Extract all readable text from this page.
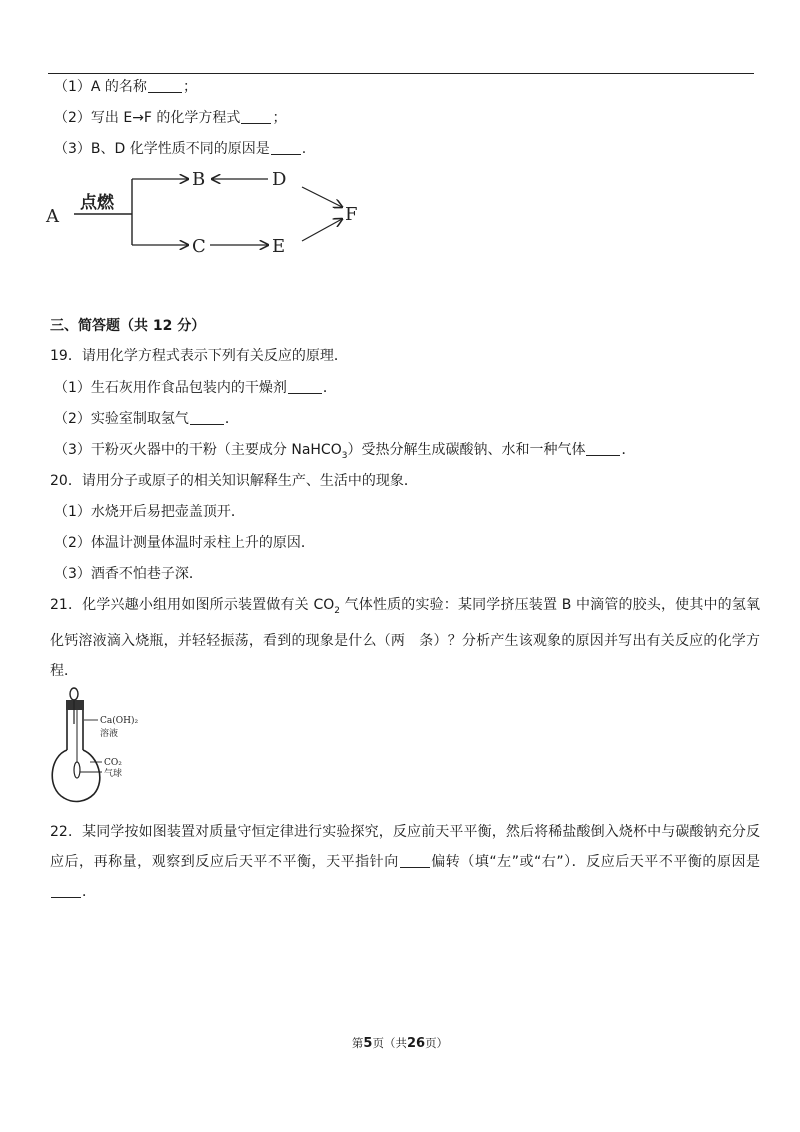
（1）A 的名称	；
（2）写出 E→F 的化学方程式 ；
（3）B、D 化学性质不同的原因是 .
A
点燃
B
C
D
E
F
三、简答题（共 12 分）
19．请用化学方程式表示下列有关反应的原理．
（1）生石灰用作食品包装内的干燥剂	．
（2）实验室制取氢气	．
（3）干粉灭火器中的干粉（主要成分 NaHCO$_3$）受热分解生成碳酸钠、水和一种气体	．
20．请用分子或原子的相关知识解释生产、生活中的现象．
（1）水烧开后易把壶盖顶开．
（2）体温计测量体温时汞柱上升的原因．
（3）酒香不怕巷子深．
21．化学兴趣小组用如图所示装置做有关 $CO_2$ 气体性质的实验：某同学挤压装置 B 中滴管的胶头，使其中的氢氧化钙溶液滴入烧瓶，并轻轻振荡，看到的现象是什么（两　条）？分析产生该观象的原因并写出有关反应的化学方程．
Ca(OH)₂
溶液
CO₂
气球
22．某同学按如图装置对质量守恒定律进行实验探究，反应前天平平衡，然后将稀盐酸倒入烧杯中与碳酸钠充分反应后，再称量，观察到反应后天平不平衡，天平指针向 偏转（填“左”或“右”）．反应后天平不平衡的原因是．
第5页（共26页）
